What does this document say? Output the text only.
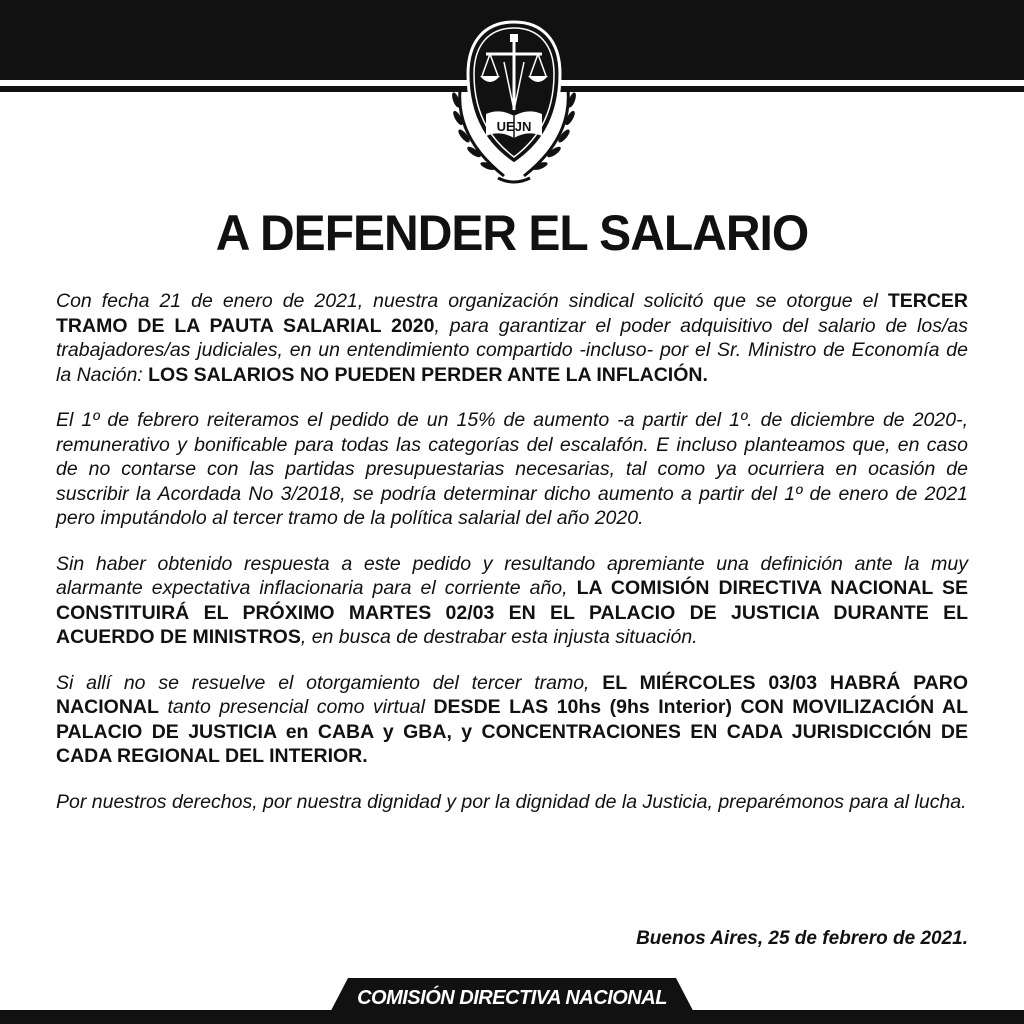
UEJN
A DEFENDER EL SALARIO

Con fecha 21 de enero de 2021, nuestra organización sindical solicitó que se otorgue el TERCER TRAMO DE LA PAUTA SALARIAL 2020, para garantizar el poder adquisitivo del salario de los/as trabajadores/as judiciales, en un entendimiento compartido -incluso- por el Sr. Ministro de Economía de la Nación: LOS SALARIOS NO PUEDEN PERDER ANTE LA INFLACIÓN.

El 1º de febrero reiteramos el pedido de un 15% de aumento -a partir del 1º. de diciembre de 2020-, remunerativo y bonificable para todas las categorías del escalafón. E incluso planteamos que, en caso de no contarse con las partidas presupuestarias necesarias, tal como ya ocurriera en ocasión de suscribir la Acordada No 3/2018, se podría determinar dicho aumento a partir del 1º de enero de 2021 pero imputándolo al tercer tramo de la política salarial del año 2020.

Sin haber obtenido respuesta a este pedido y resultando apremiante una definición ante la muy alarmante expectativa inflacionaria para el corriente año, LA COMISIÓN DIRECTIVA NACIONAL SE CONSTITUIRÁ EL PRÓXIMO MARTES 02/03 EN EL PALACIO DE JUSTICIA DURANTE EL ACUERDO DE MINISTROS, en busca de destrabar esta injusta situación.

Si allí no se resuelve el otorgamiento del tercer tramo, EL MIÉRCOLES 03/03 HABRÁ PARO NACIONAL tanto presencial como virtual DESDE LAS 10hs (9hs Interior) CON MOVILIZACIÓN AL PALACIO DE JUSTICIA en CABA y GBA, y CONCENTRACIONES EN CADA JURISDICCIÓN DE CADA REGIONAL DEL INTERIOR.

Por nuestros derechos, por nuestra dignidad y por la dignidad de la Justicia, preparémonos para al lucha.

Buenos Aires, 25 de febrero de 2021.
COMISIÓN DIRECTIVA NACIONAL
